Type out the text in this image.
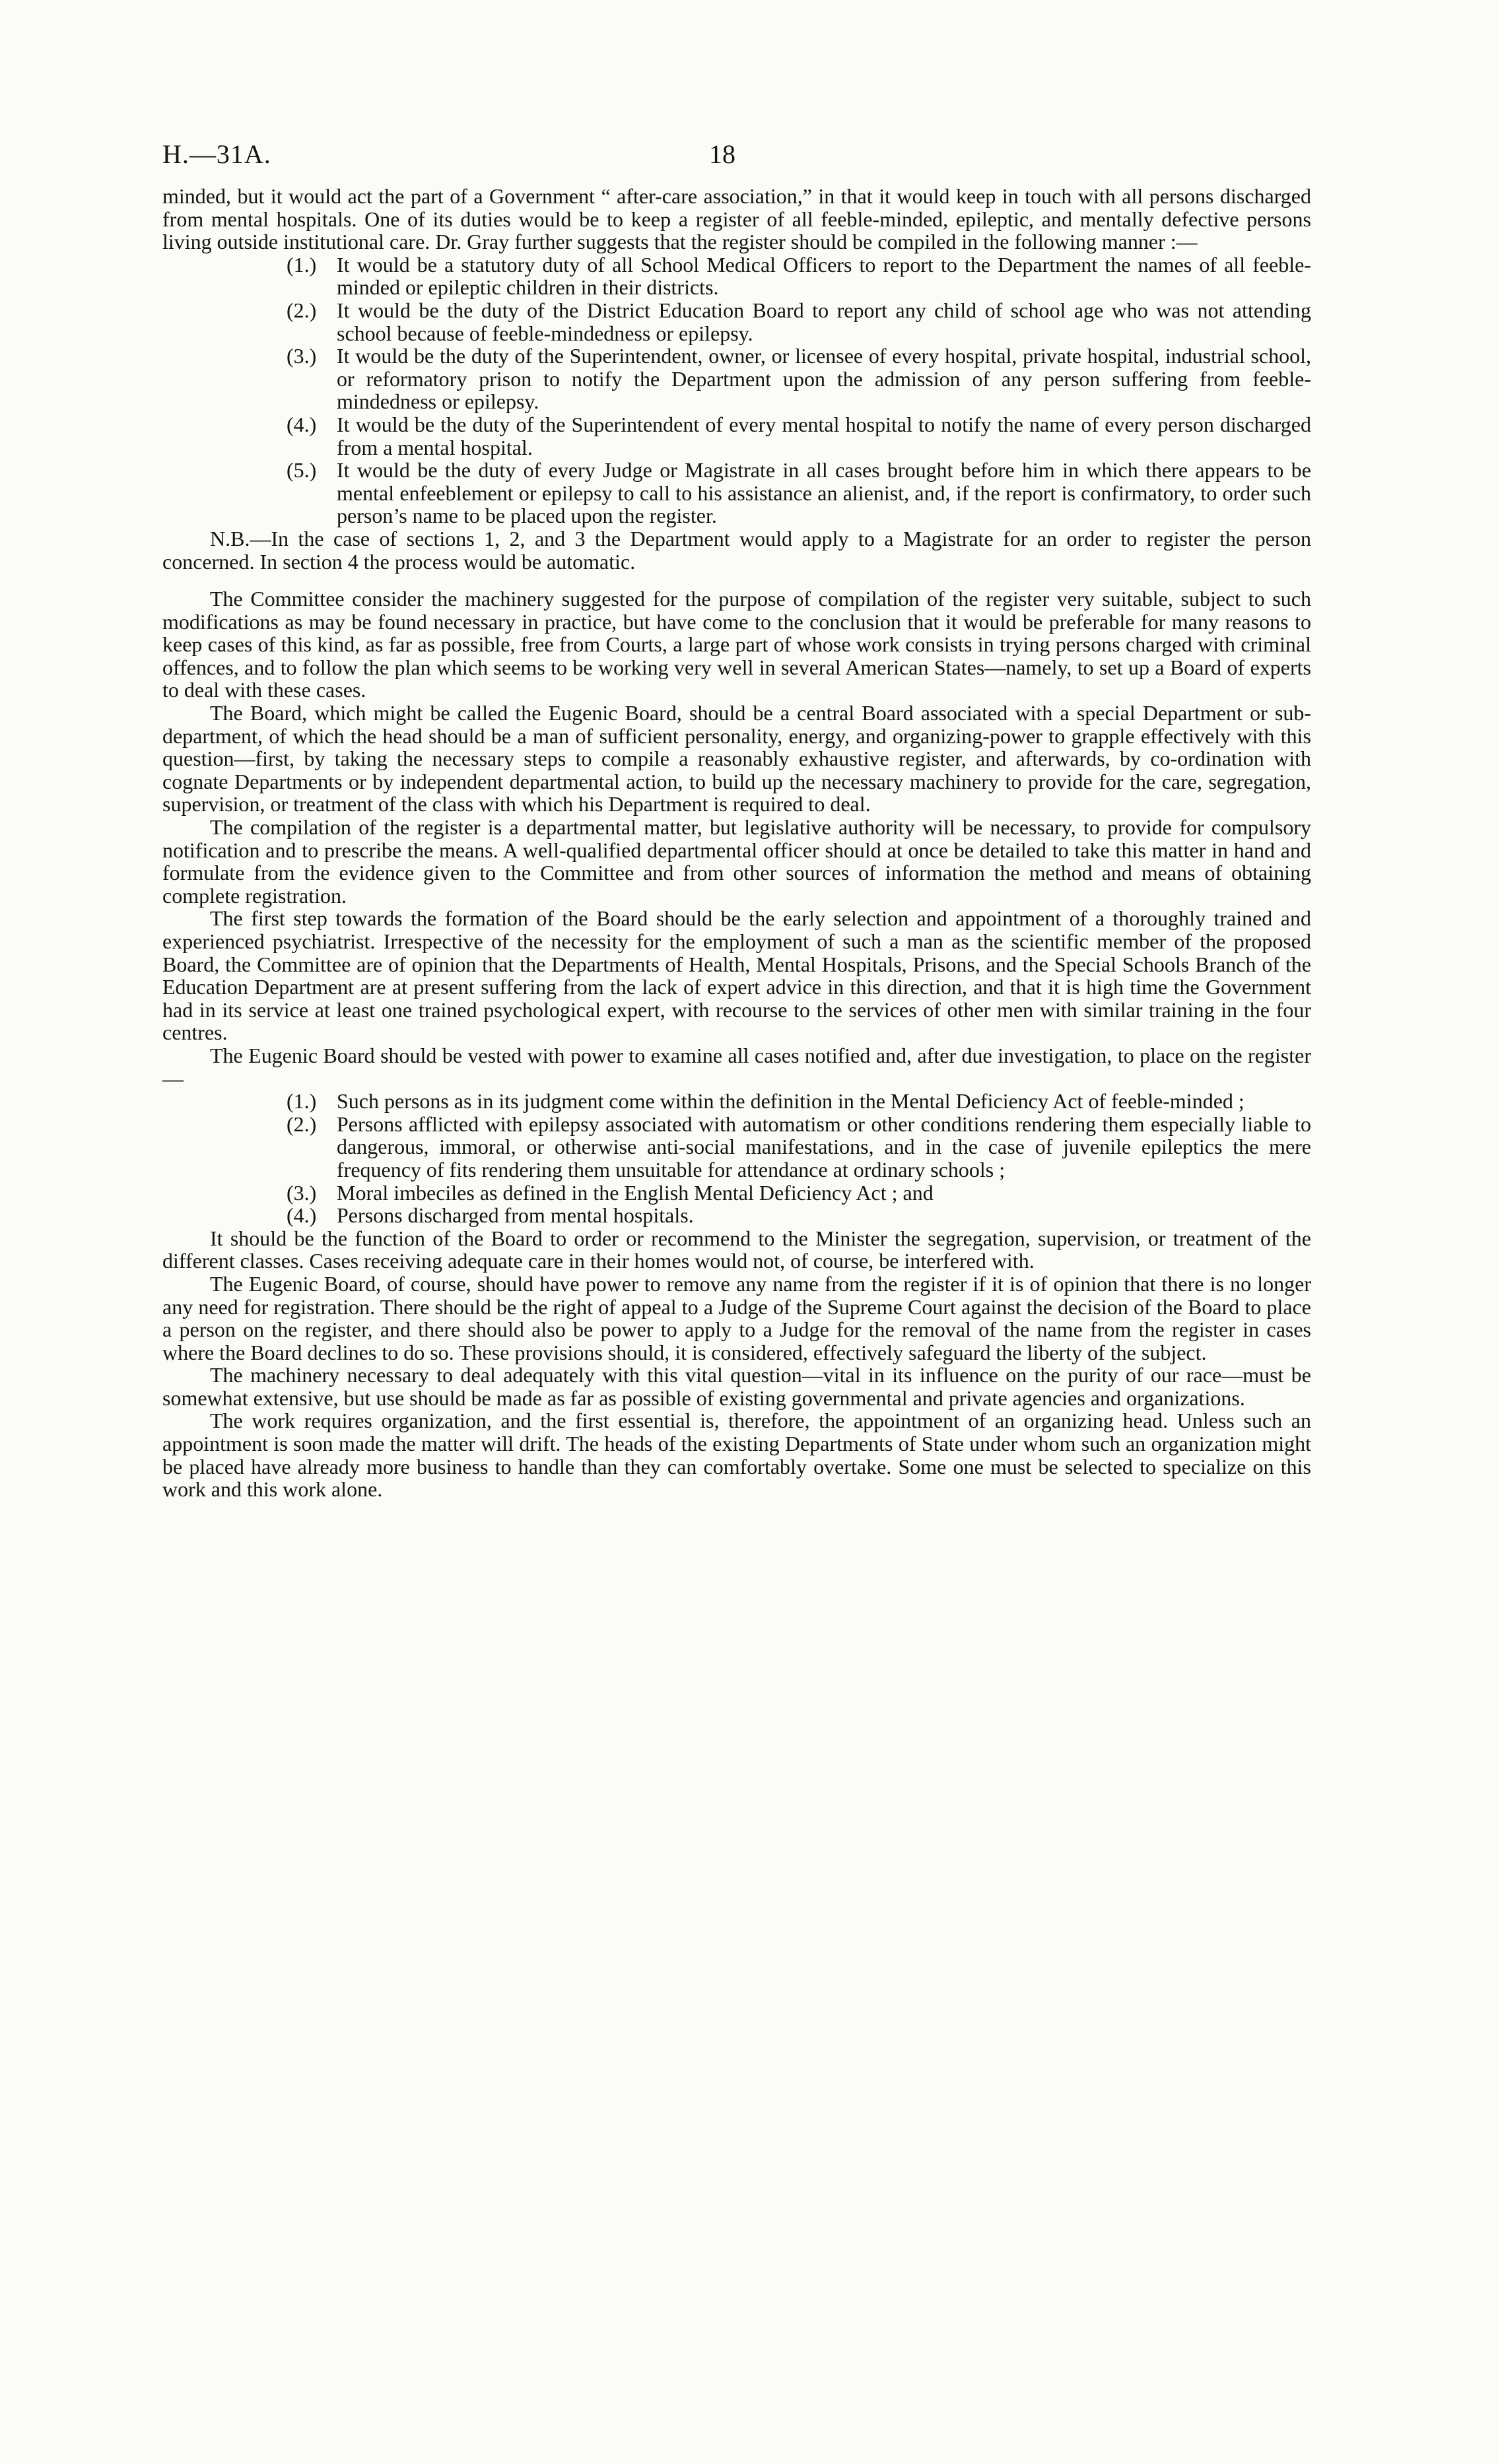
H.—31A.	18

minded, but it would act the part of a Government “ after-care association,” in that it would keep in touch with all persons discharged from mental hospitals. One of its duties would be to keep a register of all feeble-minded, epileptic, and mentally defective persons living outside institutional care. Dr. Gray further suggests that the register should be compiled in the following manner :—

(1.) It would be a statutory duty of all School Medical Officers to report to the Department the names of all feeble-minded or epileptic children in their districts.
(2.) It would be the duty of the District Education Board to report any child of school age who was not attending school because of feeble-mindedness or epilepsy.
(3.) It would be the duty of the Superintendent, owner, or licensee of every hospital, private hospital, industrial school, or reformatory prison to notify the Department upon the admission of any person suffering from feeble-mindedness or epilepsy.
(4.) It would be the duty of the Superintendent of every mental hospital to notify the name of every person discharged from a mental hospital.
(5.) It would be the duty of every Judge or Magistrate in all cases brought before him in which there appears to be mental enfeeblement or epilepsy to call to his assistance an alienist, and, if the report is confirmatory, to order such person’s name to be placed upon the register.

N.B.—In the case of sections 1, 2, and 3 the Department would apply to a Magistrate for an order to register the person concerned. In section 4 the process would be automatic.

The Committee consider the machinery suggested for the purpose of compilation of the register very suitable, subject to such modifications as may be found necessary in practice, but have come to the conclusion that it would be preferable for many reasons to keep cases of this kind, as far as possible, free from Courts, a large part of whose work consists in trying persons charged with criminal offences, and to follow the plan which seems to be working very well in several American States—namely, to set up a Board of experts to deal with these cases.

The Board, which might be called the Eugenic Board, should be a central Board associated with a special Department or sub-department, of which the head should be a man of sufficient personality, energy, and organizing-power to grapple effectively with this question—first, by taking the necessary steps to compile a reasonably exhaustive register, and afterwards, by co-ordination with cognate Departments or by independent departmental action, to build up the necessary machinery to provide for the care, segregation, supervision, or treatment of the class with which his Department is required to deal.

The compilation of the register is a departmental matter, but legislative authority will be necessary, to provide for compulsory notification and to prescribe the means. A well-qualified departmental officer should at once be detailed to take this matter in hand and formulate from the evidence given to the Committee and from other sources of information the method and means of obtaining complete registration.

The first step towards the formation of the Board should be the early selection and appointment of a thoroughly trained and experienced psychiatrist. Irrespective of the necessity for the employment of such a man as the scientific member of the proposed Board, the Committee are of opinion that the Departments of Health, Mental Hospitals, Prisons, and the Special Schools Branch of the Education Department are at present suffering from the lack of expert advice in this direction, and that it is high time the Government had in its service at least one trained psychological expert, with recourse to the services of other men with similar training in the four centres.

The Eugenic Board should be vested with power to examine all cases notified and, after due investigation, to place on the register—

(1.) Such persons as in its judgment come within the definition in the Mental Deficiency Act of feeble-minded ;
(2.) Persons afflicted with epilepsy associated with automatism or other conditions rendering them especially liable to dangerous, immoral, or otherwise anti-social manifestations, and in the case of juvenile epileptics the mere frequency of fits rendering them unsuitable for attendance at ordinary schools ;
(3.) Moral imbeciles as defined in the English Mental Deficiency Act ; and
(4.) Persons discharged from mental hospitals.

It should be the function of the Board to order or recommend to the Minister the segregation, supervision, or treatment of the different classes. Cases receiving adequate care in their homes would not, of course, be interfered with.

The Eugenic Board, of course, should have power to remove any name from the register if it is of opinion that there is no longer any need for registration. There should be the right of appeal to a Judge of the Supreme Court against the decision of the Board to place a person on the register, and there should also be power to apply to a Judge for the removal of the name from the register in cases where the Board declines to do so. These provisions should, it is considered, effectively safeguard the liberty of the subject.

The machinery necessary to deal adequately with this vital question—vital in its influence on the purity of our race—must be somewhat extensive, but use should be made as far as possible of existing governmental and private agencies and organizations.

The work requires organization, and the first essential is, therefore, the appointment of an organizing head. Unless such an appointment is soon made the matter will drift. The heads of the existing Departments of State under whom such an organization might be placed have already more business to handle than they can comfortably overtake. Some one must be selected to specialize on this work and this work alone.
